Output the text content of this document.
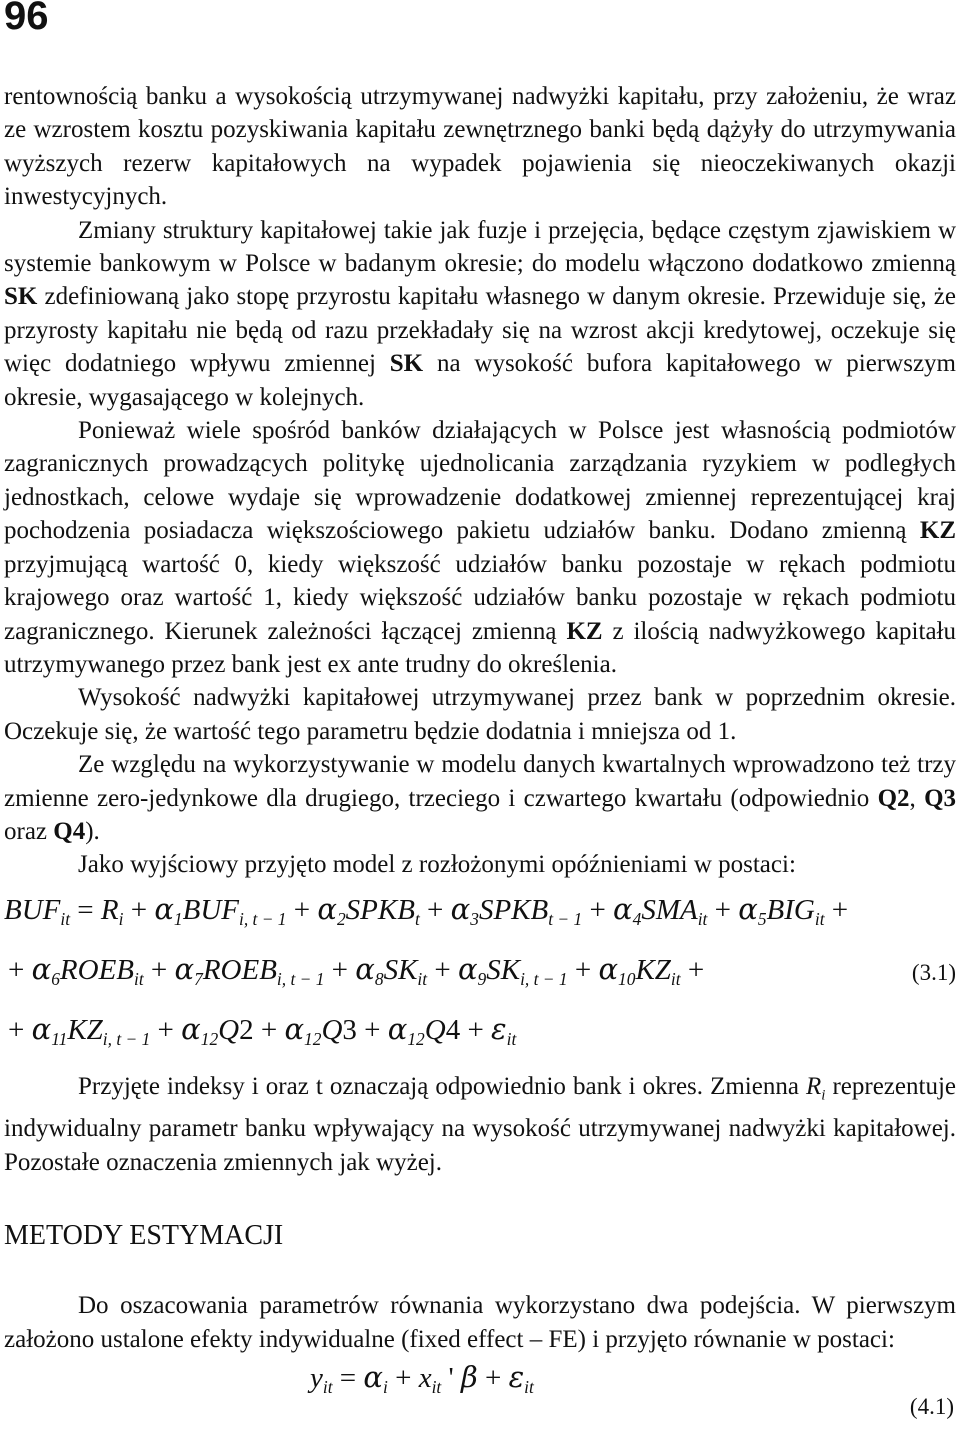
96

rentownością banku a wysokością utrzymywanej nadwyżki kapitału, przy założeniu, że wraz ze wzrostem kosztu pozyskiwania kapitału zewnętrznego banki będą dążyły do utrzymywania wyższych rezerw kapitałowych na wypadek pojawienia się nieoczekiwanych okazji inwestycyjnych.

Zmiany struktury kapitałowej takie jak fuzje i przejęcia, będące częstym zjawiskiem w systemie bankowym w Polsce w badanym okresie; do modelu włączono dodatkowo zmienną SK zdefiniowaną jako stopę przyrostu kapitału własnego w danym okresie. Przewiduje się, że przyrosty kapitału nie będą od razu przekładały się na wzrost akcji kredytowej, oczekuje się więc dodatniego wpływu zmiennej SK na wysokość bufora kapitałowego w pierwszym okresie, wygasającego w kolejnych.

Ponieważ wiele spośród banków działających w Polsce jest własnością podmiotów zagranicznych prowadzących politykę ujednolicania zarządzania ryzykiem w podległych jednostkach, celowe wydaje się wprowadzenie dodatkowej zmiennej reprezentującej kraj pochodzenia posiadacza większościowego pakietu udziałów banku. Dodano zmienną KZ przyjmującą wartość 0, kiedy większość udziałów banku pozostaje w rękach podmiotu krajowego oraz wartość 1, kiedy większość udziałów banku pozostaje w rękach podmiotu zagranicznego. Kierunek zależności łączącej zmienną KZ z ilością nadwyżkowego kapitału utrzymywanego przez bank jest ex ante trudny do określenia.

Wysokość nadwyżki kapitałowej utrzymywanej przez bank w poprzednim okresie. Oczekuje się, że wartość tego parametru będzie dodatnia i mniejsza od 1.

Ze względu na wykorzystywanie w modelu danych kwartalnych wprowadzono też trzy zmienne zero-jedynkowe dla drugiego, trzeciego i czwartego kwartału (odpowiednio Q2, Q3 oraz Q4).

Jako wyjściowy przyjęto model z rozłożonymi opóźnieniami w postaci:

$BUF_{it} = R_i + \alpha_1BUF_{i, t - 1}$ + $\alpha_2SPKB_t$ + $\alpha_3SPKB_{t - 1} + \alpha_4SMA_{it} + \alpha_5BIG_{it}$ +
+ $\alpha_6ROEB_{it}$ + $\alpha_7ROEB_{i, t - 1} + \alpha_8SK_{it} + \alpha_9SK_{i, t - 1} + \alpha_{10}KZ_{it}$ +	(3.1)
+ $\alpha_{11}KZ_{i, t - 1} + \alpha_{12}Q2 + \alpha_{12}Q3 + \alpha_{12}Q4 + \varepsilon_{it}$

Przyjęte indeksy i oraz t oznaczają odpowiednio bank i okres. Zmienna $R_i$ reprezentuje indywidualny parametr banku wpływający na wysokość utrzymywanej nadwyżki kapitałowej. Pozostałe oznaczenia zmiennych jak wyżej.

METODY ESTYMACJI

Do oszacowania parametrów równania wykorzystano dwa podejścia. W pierwszym założono ustalone efekty indywidualne (fixed effect – FE) i przyjęto równanie w postaci:

$y_{it} = \alpha_i + x_{it}$ ' $\beta + \varepsilon_{it}$
(4.1)
